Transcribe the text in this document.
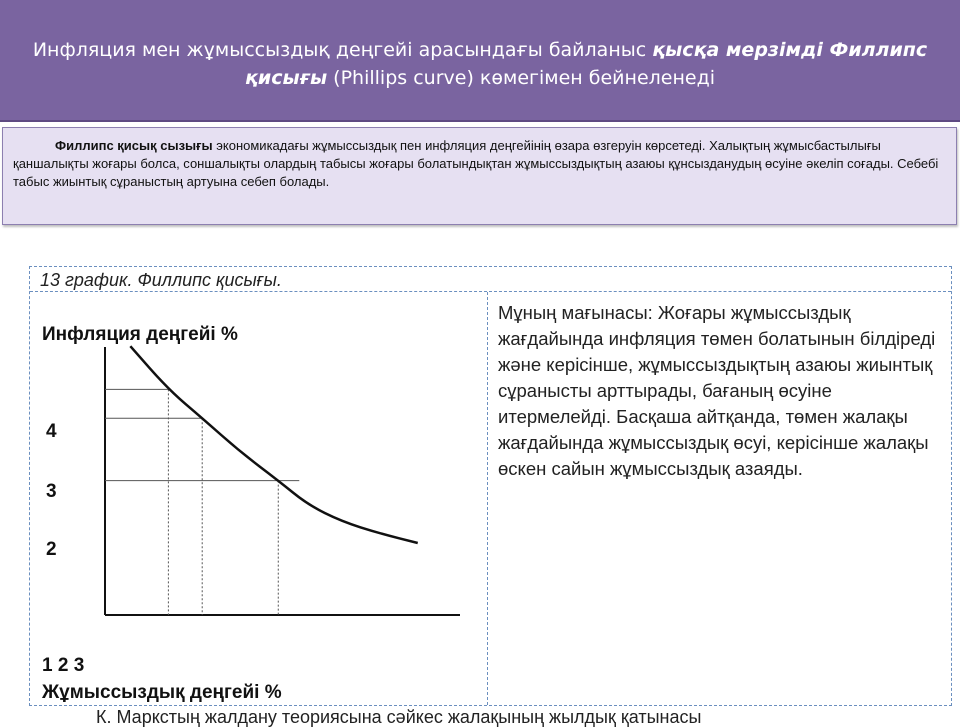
Инфляция мен жұмыссыздық деңгейі арасындағы байланыс қысқа мерзімді Филлипс қисығы (Phillips curve) көмегімен бейнеленеді
Филлипс қисық сызығы экономикадағы жұмыссыздық пен инфляция деңгейінің өзара өзгеруін көрсетеді. Халықтың жұмысбастылығы қаншалықты жоғары болса, соншалықты олардың табысы жоғары болатындықтан жұмыссыздықтың азаюы құнсызданудың өсуіне әкеліп соғады. Себебі табыс жиынтық сұраныстың артуына себеп болады.
13 график. Филлипс қисығы.
Инфляция деңгейі %
4
3
2
1 2 3
Жұмыссыздық деңгейі %
Мұның мағынасы: Жоғары жұмыссыздық жағдайында инфляция төмен болатынын білдіреді және керісінше, жұмыссыздықтың азаюы жиынтық сұранысты арттырады, бағаның өсуіне итермелейді. Басқаша айтқанда, төмен жалақы жағдайында жұмыссыздық өсуі, керісінше жалақы өскен сайын жұмыссыздық азаяды.
К. Маркстың жалдану теориясына сәйкес жалақының жылдық қатынасы
